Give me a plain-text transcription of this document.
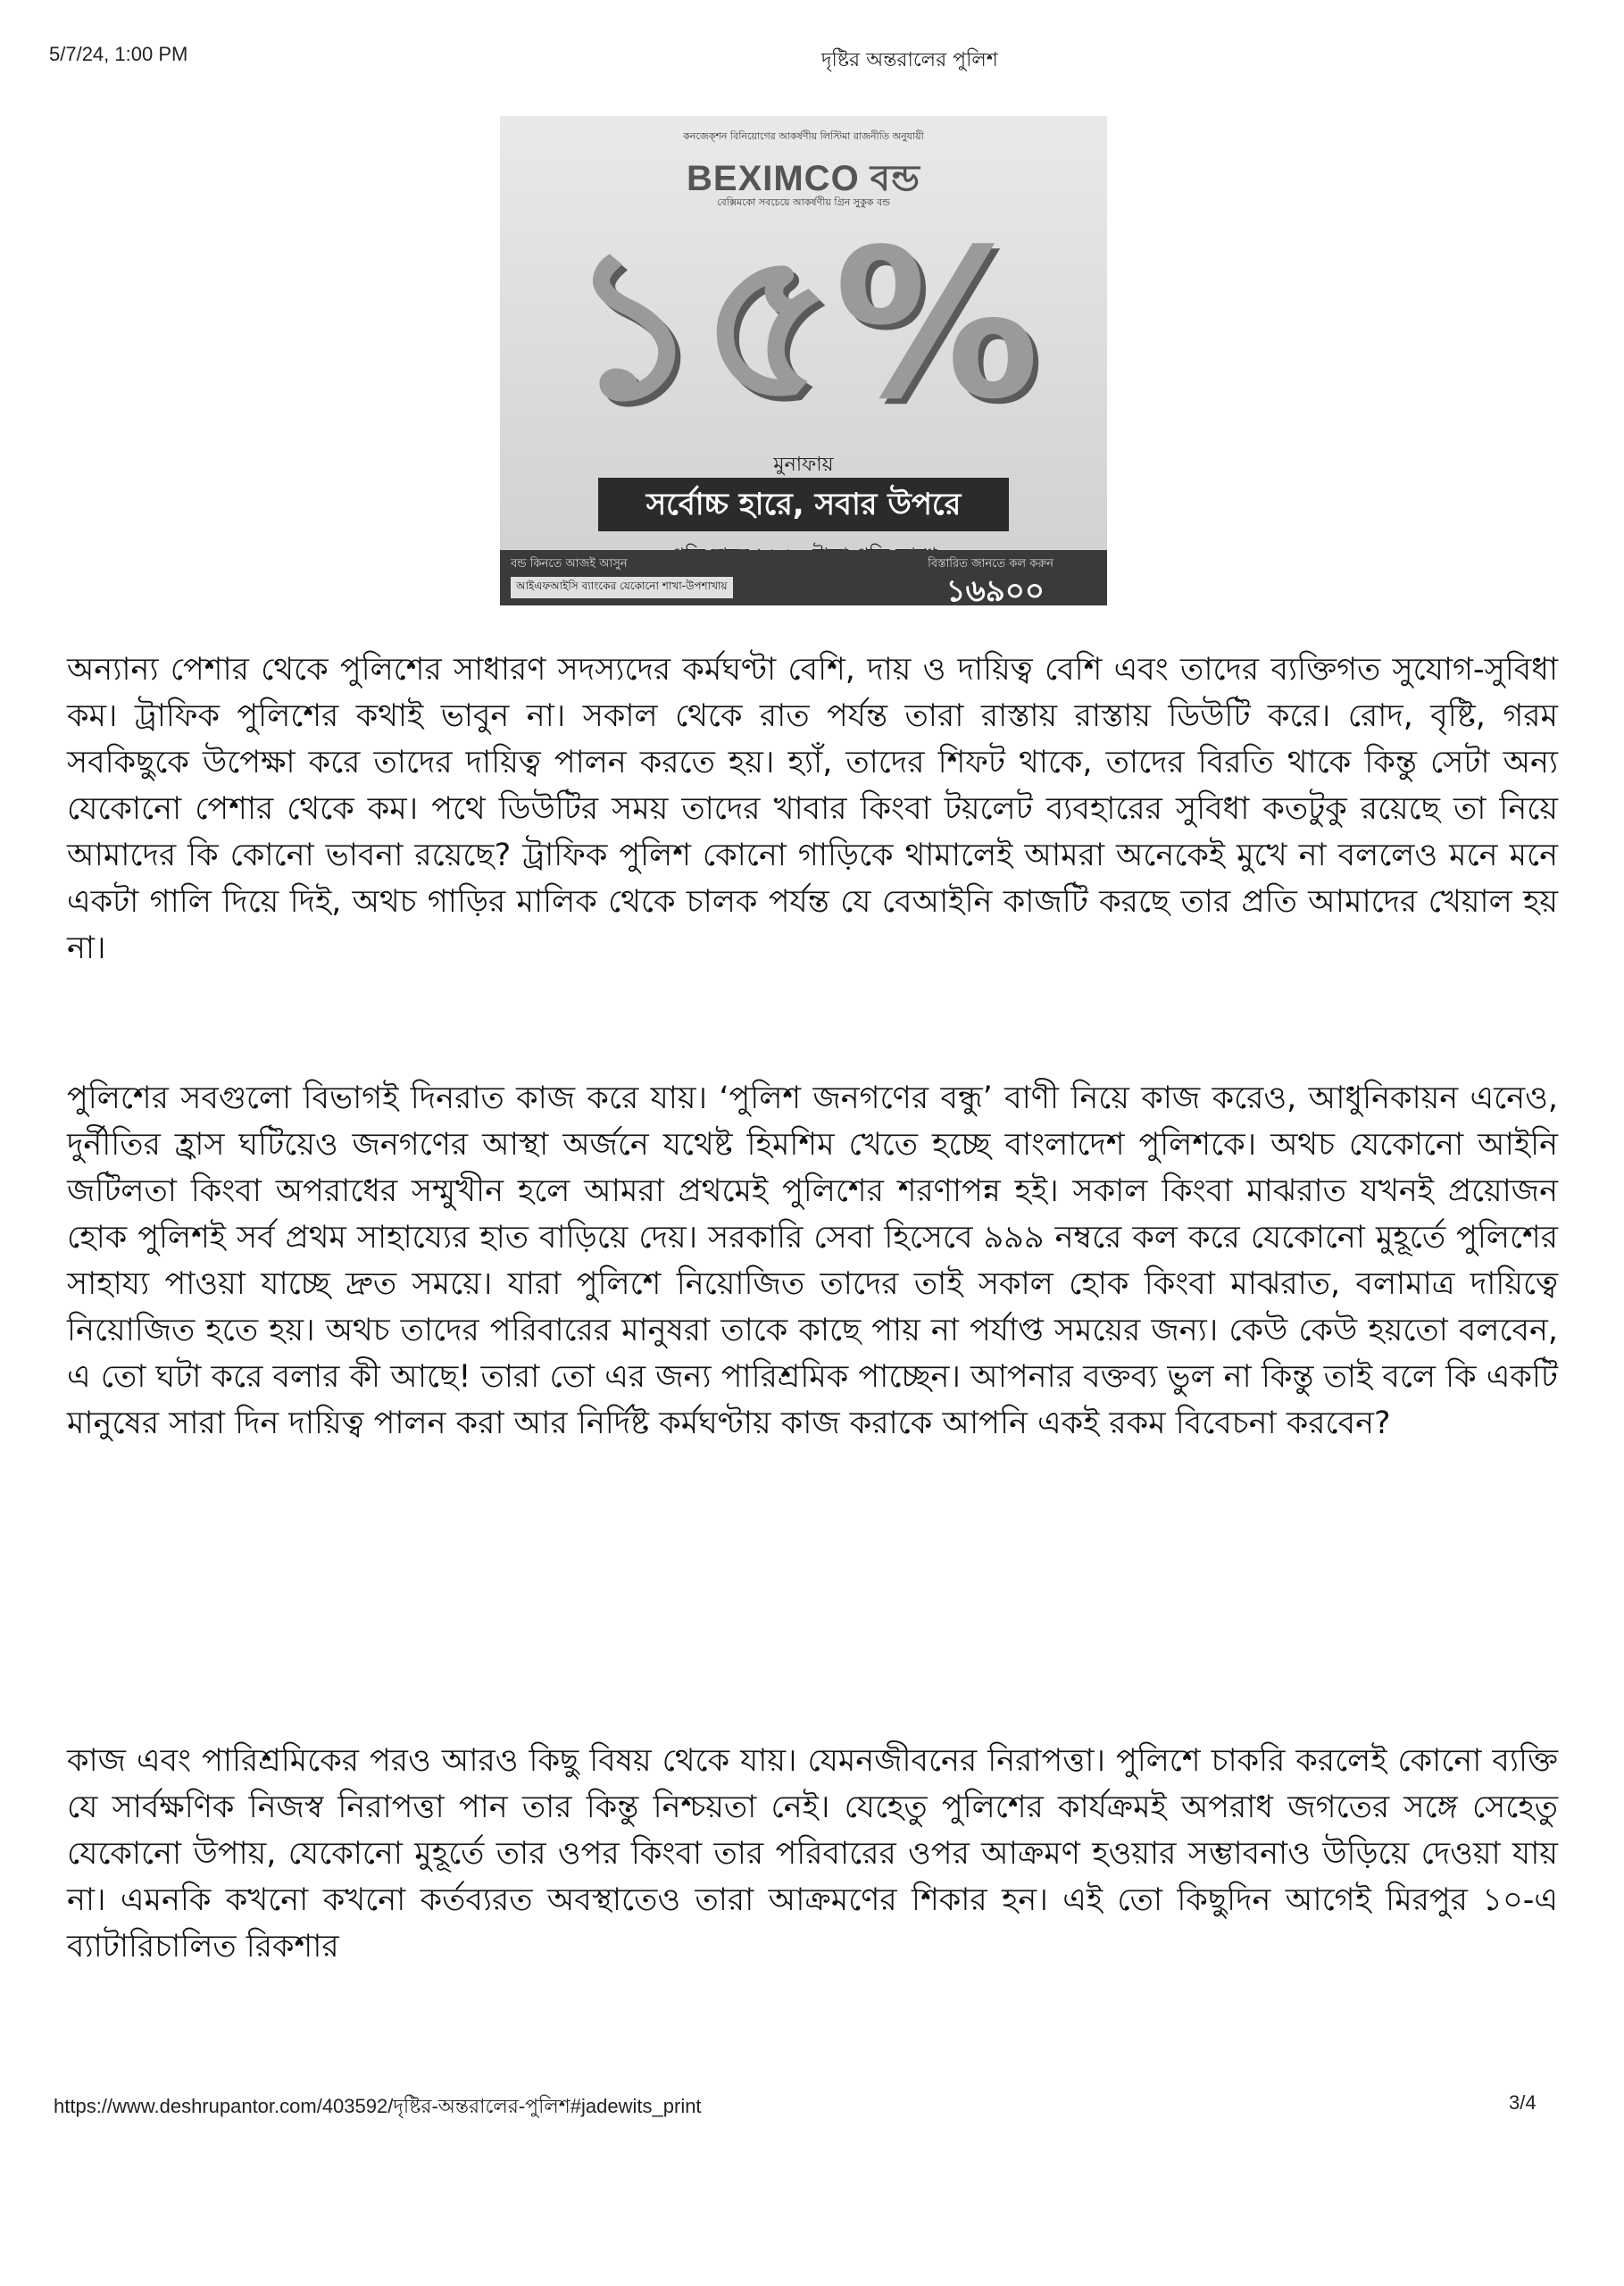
5/7/24, 1:00 PM	দৃষ্টির অন্তরালের পুলিশ
কনজেক্শন বিনিয়োগের আকর্ষণীয় লিস্টিমা রাজনীতি অনুযায়ী
BEXIMCO বন্ড
বেক্সিমকো সবচেয়ে আকর্ষণীয় গ্রিন সুকুক বন্ড
১৫%
মুনাফায়
সর্বোচ্চ হারে, সবার উপরে
বন্ড কিনতে আজই আসুন
আইএফআইসি ব্যাংকের যেকোনো শাখা-উপশাখায়
বিস্তারিত জানতে কল করুন
১৬৯০০

অন্যান্য পেশার থেকে পুলিশের সাধারণ সদস্যদের কর্মঘণ্টা বেশি, দায় ও দায়িত্ব বেশি এবং তাদের ব্যক্তিগত সুযোগ-সুবিধা কম। ট্রাফিক পুলিশের কথাই ভাবুন না। সকাল থেকে রাত পর্যন্ত তারা রাস্তায় রাস্তায় ডিউটি করে। রোদ, বৃষ্টি, গরম সবকিছুকে উপেক্ষা করে তাদের দায়িত্ব পালন করতে হয়। হ্যাঁ, তাদের শিফট থাকে, তাদের বিরতি থাকে কিন্তু সেটা অন্য যেকোনো পেশার থেকে কম। পথে ডিউটির সময় তাদের খাবার কিংবা টয়লেট ব্যবহারের সুবিধা কতটুকু রয়েছে তা নিয়ে আমাদের কি কোনো ভাবনা রয়েছে? ট্রাফিক পুলিশ কোনো গাড়িকে থামালেই আমরা অনেকেই মুখে না বললেও মনে মনে একটা গালি দিয়ে দিই, অথচ গাড়ির মালিক থেকে চালক পর্যন্ত যে বেআইনি কাজটি করছে তার প্রতি আমাদের খেয়াল হয় না।

পুলিশের সবগুলো বিভাগই দিনরাত কাজ করে যায়। ‘পুলিশ জনগণের বন্ধু’ বাণী নিয়ে কাজ করেও, আধুনিকায়ন এনেও, দুর্নীতির হ্রাস ঘটিয়েও জনগণের আস্থা অর্জনে যথেষ্ট হিমশিম খেতে হচ্ছে বাংলাদেশ পুলিশকে। অথচ যেকোনো আইনি জটিলতা কিংবা অপরাধের সম্মুখীন হলে আমরা প্রথমেই পুলিশের শরণাপন্ন হই। সকাল কিংবা মাঝরাত যখনই প্রয়োজন হোক পুলিশই সর্ব প্রথম সাহায্যের হাত বাড়িয়ে দেয়। সরকারি সেবা হিসেবে ৯৯৯ নম্বরে কল করে যেকোনো মুহূর্তে পুলিশের সাহায্য পাওয়া যাচ্ছে দ্রুত সময়ে। যারা পুলিশে নিয়োজিত তাদের তাই সকাল হোক কিংবা মাঝরাত, বলামাত্র দায়িত্বে নিয়োজিত হতে হয়। অথচ তাদের পরিবারের মানুষরা তাকে কাছে পায় না পর্যাপ্ত সময়ের জন্য। কেউ কেউ হয়তো বলবেন, এ তো ঘটা করে বলার কী আছে! তারা তো এর জন্য পারিশ্রমিক পাচ্ছেন। আপনার বক্তব্য ভুল না কিন্তু তাই বলে কি একটি মানুষের সারা দিন দায়িত্ব পালন করা আর নির্দিষ্ট কর্মঘণ্টায় কাজ করাকে আপনি একই রকম বিবেচনা করবেন?

কাজ এবং পারিশ্রমিকের পরও আরও কিছু বিষয় থেকে যায়। যেমনজীবনের নিরাপত্তা। পুলিশে চাকরি করলেই কোনো ব্যক্তি যে সার্বক্ষণিক নিজস্ব নিরাপত্তা পান তার কিন্তু নিশ্চয়তা নেই। যেহেতু পুলিশের কার্যক্রমই অপরাধ জগতের সঙ্গে সেহেতু যেকোনো উপায়, যেকোনো মুহূর্তে তার ওপর কিংবা তার পরিবারের ওপর আক্রমণ হওয়ার সম্ভাবনাও উড়িয়ে দেওয়া যায় না। এমনকি কখনো কখনো কর্তব্যরত অবস্থাতেও তারা আক্রমণের শিকার হন। এই তো কিছুদিন আগেই মিরপুর ১০-এ ব্যাটারিচালিত রিকশার

https://www.deshrupantor.com/403592/দৃষ্টির-অন্তরালের-পুলিশ#jadewits_print	3/4
